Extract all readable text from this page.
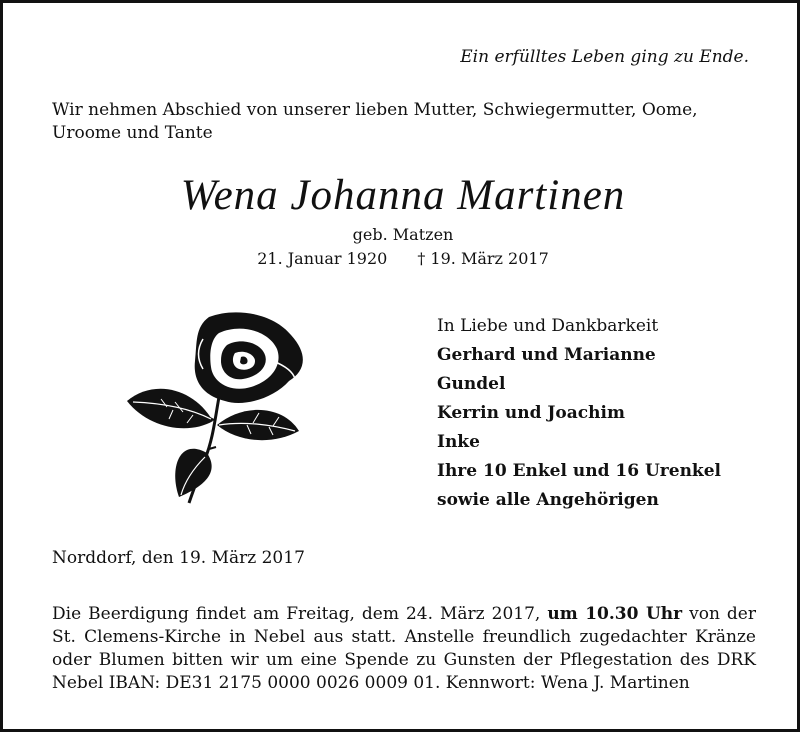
Ein erfülltes Leben ging zu Ende.
Wir nehmen Abschied von unserer lieben Mutter, Schwiegermutter, Oome, Uroome und Tante
Wena Johanna Martinen
geb. Matzen
21. Januar 1920 † 19. März 2017
In Liebe und Dankbarkeit
Gerhard und Marianne
Gundel
Kerrin und Joachim
Inke
Ihre 10 Enkel und 16 Urenkel
sowie alle Angehörigen
Norddorf, den 19. März 2017
Die Beerdigung findet am Freitag, dem 24. März 2017, um 10.30 Uhr von der St. Clemens-Kirche in Nebel aus statt. Anstelle freundlich zugedachter Kränze oder Blumen bitten wir um eine Spende zu Gunsten der Pflegestation des DRK Nebel IBAN: DE31 2175 0000 0026 0009 01. Kennwort: Wena J. Martinen
